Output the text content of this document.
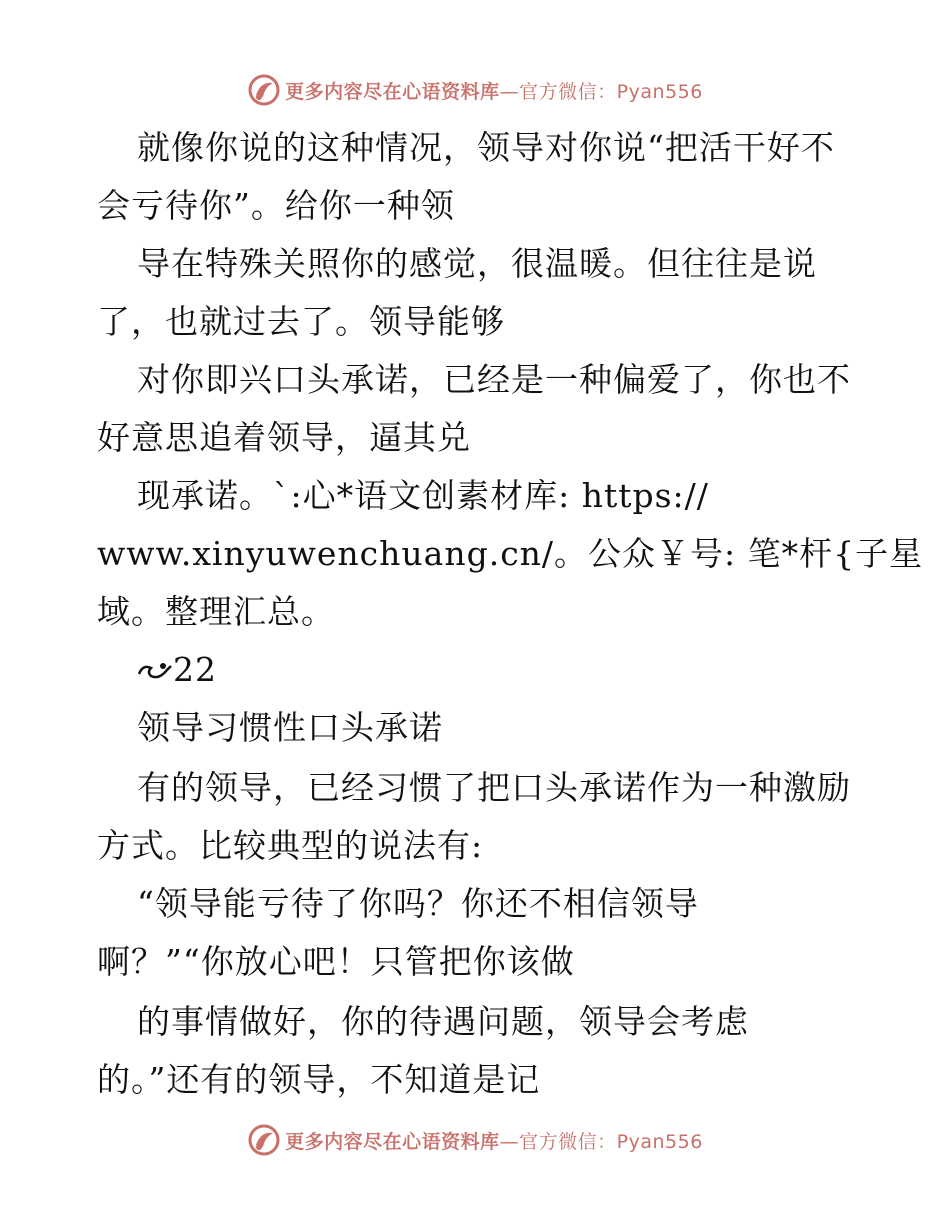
更多内容尽在心语资料库—官方微信：Pyan556
就像你说的这种情况，领导对你说“把活干好不
会亏待你”。给你一种领
导在特殊关照你的感觉，很温暖。但往往是说
了，也就过去了。领导能够
对你即兴口头承诺，已经是一种偏爱了，你也不
好意思追着领导，逼其兑
现承诺。`:心*语文创素材库: https://
www.xinyuwenchuang.cn/。公众￥号: 笔*杆{子星
域。整理汇总。
22
领导习惯性口头承诺
有的领导，已经习惯了把口头承诺作为一种激励
方式。比较典型的说法有:
“领导能亏待了你吗？你还不相信领导
啊？”“你放心吧！只管把你该做
的事情做好，你的待遇问题，领导会考虑
的。”还有的领导，不知道是记
更多内容尽在心语资料库—官方微信：Pyan556
